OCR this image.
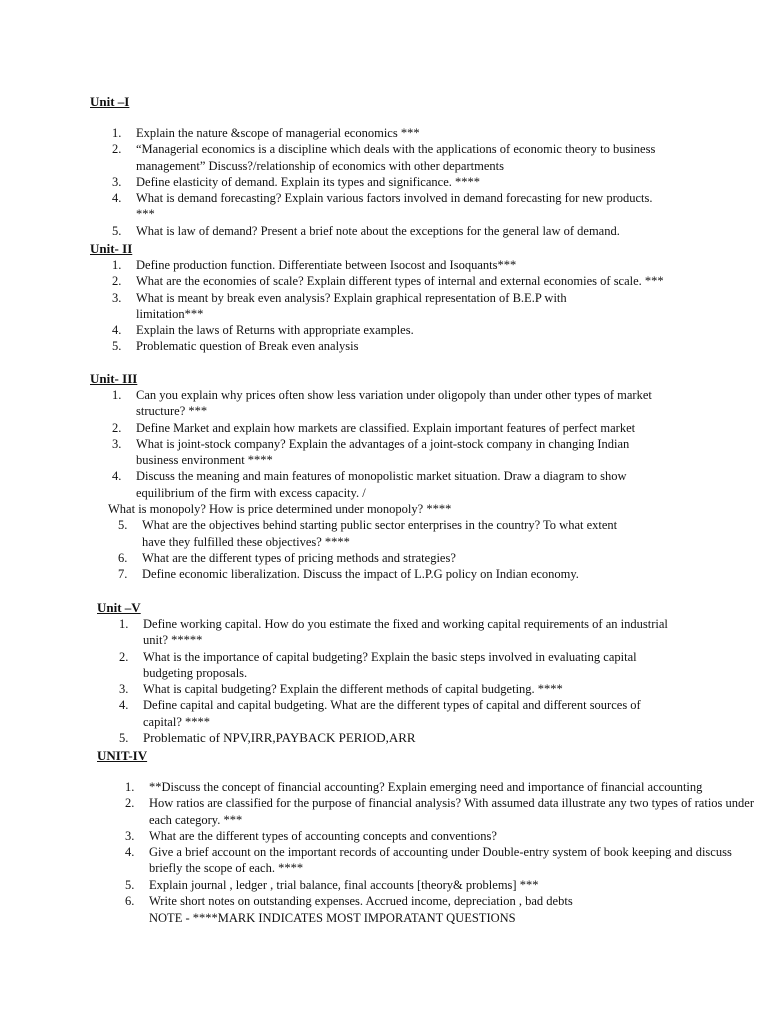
Unit –I
1. Explain the nature &scope of managerial economics ***
2. “Managerial economics is a discipline which deals with the applications of economic theory to business management” Discuss?/relationship of economics with other departments
3. Define elasticity of demand. Explain its types and significance. ****
4. What is demand forecasting? Explain various factors involved in demand forecasting for new products. ***
5. What is law of demand? Present a brief note about the exceptions for the general law of demand.
Unit- II
1. Define production function. Differentiate between Isocost and Isoquants***
2. What are the economies of scale? Explain different types of internal and external economies of scale. ***
3. What is meant by break even analysis? Explain graphical representation of B.E.P with limitation***
4. Explain the laws of Returns with appropriate examples.
5. Problematic question of Break even analysis
Unit- III
1. Can you explain why prices often show less variation under oligopoly than under other types of market structure? ***
2. Define Market and explain how markets are classified. Explain important features of perfect market
3. What is joint-stock company? Explain the advantages of a joint-stock company in changing Indian business environment ****
4. Discuss the meaning and main features of monopolistic market situation. Draw a diagram to show equilibrium of the firm with excess capacity. /
What is monopoly? How is price determined under monopoly? ****
5. What are the objectives behind starting public sector enterprises in the country? To what extent have they fulfilled these objectives? ****
6. What are the different types of pricing methods and strategies?
7. Define economic liberalization. Discuss the impact of L.P.G policy on Indian economy.
Unit –V
1. Define working capital. How do you estimate the fixed and working capital requirements of an industrial unit? *****
2. What is the importance of capital budgeting? Explain the basic steps involved in evaluating capital budgeting proposals.
3. What is capital budgeting? Explain the different methods of capital budgeting. ****
4. Define capital and capital budgeting. What are the different types of capital and different sources of capital? ****
5. Problematic of NPV,IRR,PAYBACK PERIOD,ARR
UNIT-IV
1. **Discuss the concept of financial accounting? Explain emerging need and importance of financial accounting
2. How ratios are classified for the purpose of financial analysis? With assumed data illustrate any two types of ratios under each category. ***
3. What are the different types of accounting concepts and conventions?
4. Give a brief account on the important records of accounting under Double-entry system of book keeping and discuss briefly the scope of each. ****
5. Explain journal , ledger , trial balance, final accounts [theory& problems] ***
6. Write short notes on outstanding expenses. Accrued income, depreciation , bad debts
NOTE - ****MARK INDICATES MOST IMPORATANT QUESTIONS
